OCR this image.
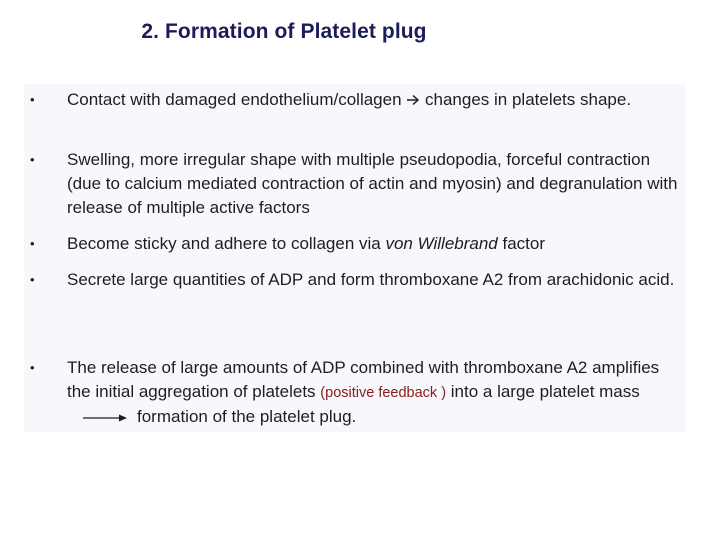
2. Formation of Platelet plug
• Contact with damaged endothelium/collagen changes in platelets shape.
• Swelling, more irregular shape with multiple pseudopodia, forceful contraction (due to calcium mediated contraction of actin and myosin) and degranulation with release of multiple active factors
• Become sticky and adhere to collagen via von Willebrand factor
• Secrete large quantities of ADP and form thromboxane A2 from arachidonic acid.
• The release of large amounts of ADP combined with thromboxane A2 amplifies the initial aggregation of platelets (positive feedback ) into a large platelet massformation of the platelet plug.
